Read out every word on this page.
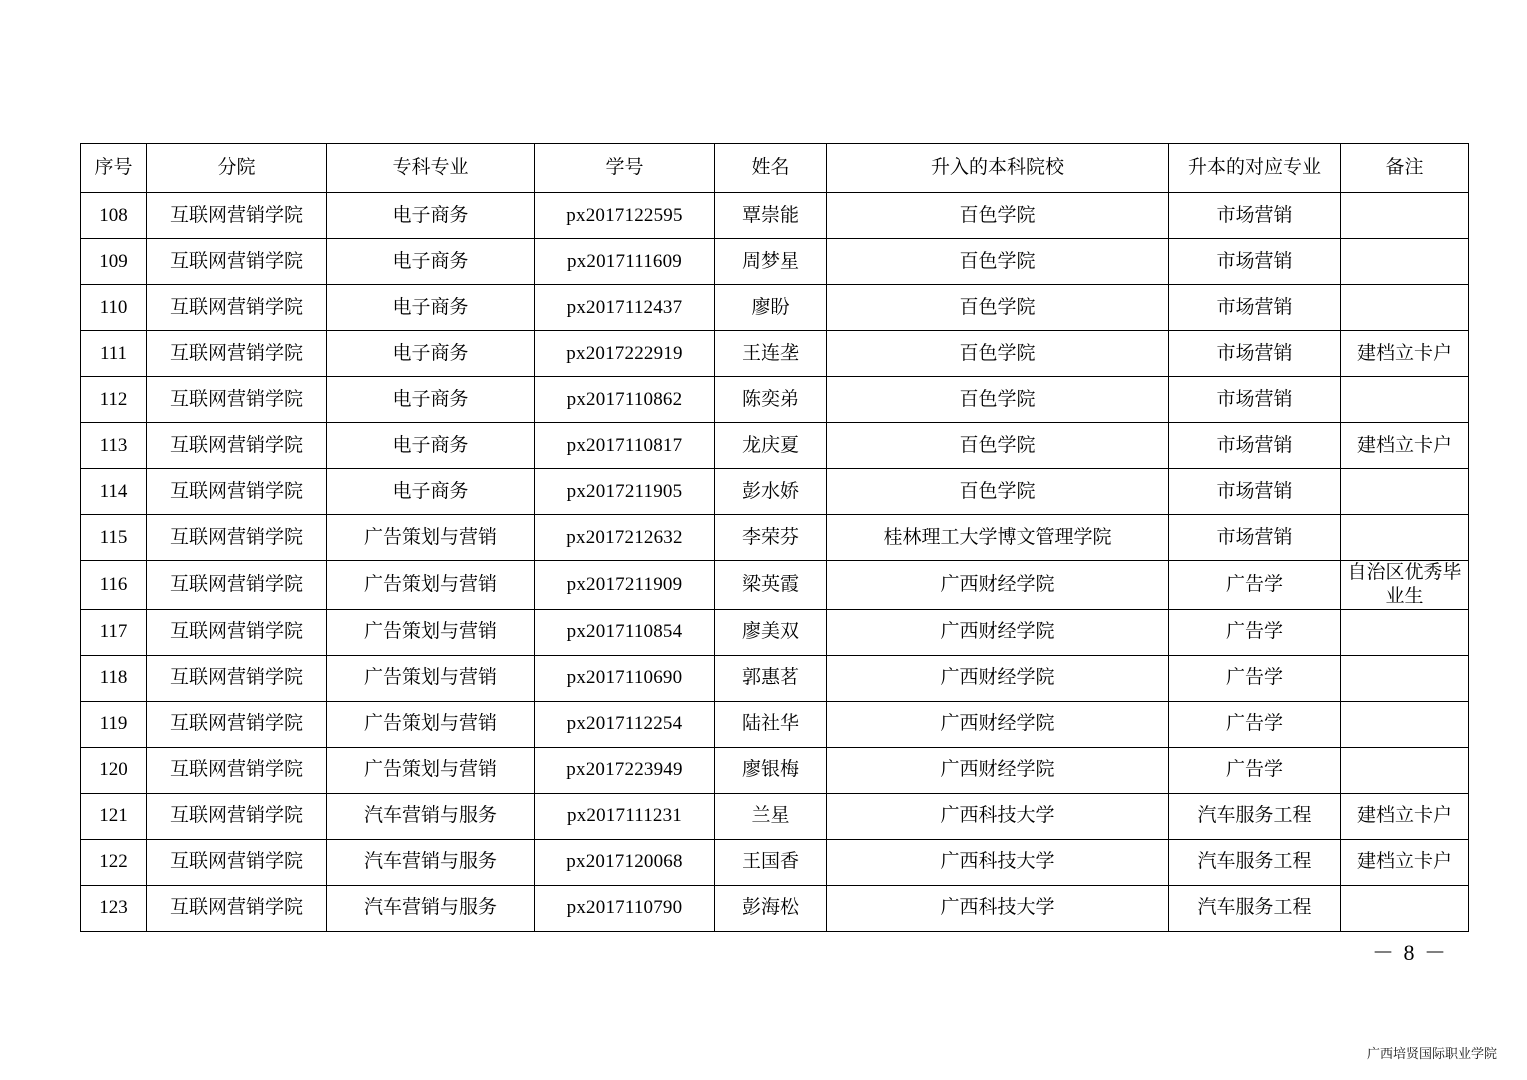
序号	分院	专科专业	学号	姓名	升入的本科院校	升本的对应专业	备注
108	互联网营销学院	电子商务	px2017122595	覃崇能	百色学院	市场营销	
109	互联网营销学院	电子商务	px2017111609	周梦星	百色学院	市场营销	
110	互联网营销学院	电子商务	px2017112437	廖盼	百色学院	市场营销	
111	互联网营销学院	电子商务	px2017222919	王连垄	百色学院	市场营销	建档立卡户
112	互联网营销学院	电子商务	px2017110862	陈奕弟	百色学院	市场营销	
113	互联网营销学院	电子商务	px2017110817	龙庆夏	百色学院	市场营销	建档立卡户
114	互联网营销学院	电子商务	px2017211905	彭水娇	百色学院	市场营销	
115	互联网营销学院	广告策划与营销	px2017212632	李荣芬	桂林理工大学博文管理学院	市场营销	
116	互联网营销学院	广告策划与营销	px2017211909	梁英霞	广西财经学院	广告学	自治区优秀毕业生
117	互联网营销学院	广告策划与营销	px2017110854	廖美双	广西财经学院	广告学	
118	互联网营销学院	广告策划与营销	px2017110690	郭惠茗	广西财经学院	广告学	
119	互联网营销学院	广告策划与营销	px2017112254	陆社华	广西财经学院	广告学	
120	互联网营销学院	广告策划与营销	px2017223949	廖银梅	广西财经学院	广告学	
121	互联网营销学院	汽车营销与服务	px2017111231	兰星	广西科技大学	汽车服务工程	建档立卡户
122	互联网营销学院	汽车营销与服务	px2017120068	王国香	广西科技大学	汽车服务工程	建档立卡户
123	互联网营销学院	汽车营销与服务	px2017110790	彭海松	广西科技大学	汽车服务工程	
－ 8 －
广西培贤国际职业学院
